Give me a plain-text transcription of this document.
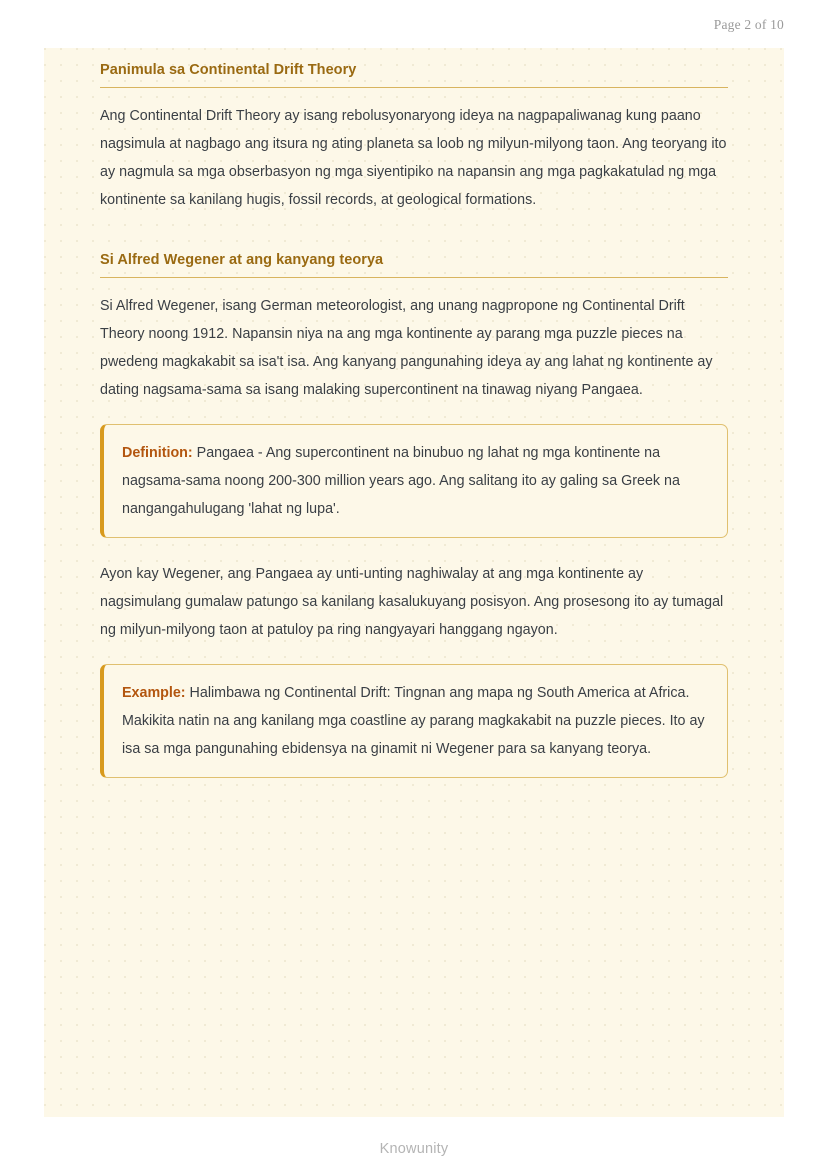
Page 2 of 10
Panimula sa Continental Drift Theory

Ang Continental Drift Theory ay isang rebolusyonaryong ideya na nagpapaliwanag kung paano nagsimula at nagbago ang itsura ng ating planeta sa loob ng milyun-milyong taon. Ang teoryang ito ay nagmula sa mga obserbasyon ng mga siyentipiko na napansin ang mga pagkakatulad ng mga kontinente sa kanilang hugis, fossil records, at geological formations.

Si Alfred Wegener at ang kanyang teorya

Si Alfred Wegener, isang German meteorologist, ang unang nagpropone ng Continental Drift Theory noong 1912. Napansin niya na ang mga kontinente ay parang mga puzzle pieces na pwedeng magkakabit sa isa't isa. Ang kanyang pangunahing ideya ay ang lahat ng kontinente ay dating nagsama-sama sa isang malaking supercontinent na tinawag niyang Pangaea.

Definition: Pangaea - Ang supercontinent na binubuo ng lahat ng mga kontinente na nagsama-sama noong 200-300 million years ago. Ang salitang ito ay galing sa Greek na nangangahulugang 'lahat ng lupa'.

Ayon kay Wegener, ang Pangaea ay unti-unting naghiwalay at ang mga kontinente ay nagsimulang gumalaw patungo sa kanilang kasalukuyang posisyon. Ang prosesong ito ay tumagal ng milyun-milyong taon at patuloy pa ring nangyayari hanggang ngayon.

Example: Halimbawa ng Continental Drift: Tingnan ang mapa ng South America at Africa. Makikita natin na ang kanilang mga coastline ay parang magkakabit na puzzle pieces. Ito ay isa sa mga pangunahing ebidensya na ginamit ni Wegener para sa kanyang teorya.

Knowunity
